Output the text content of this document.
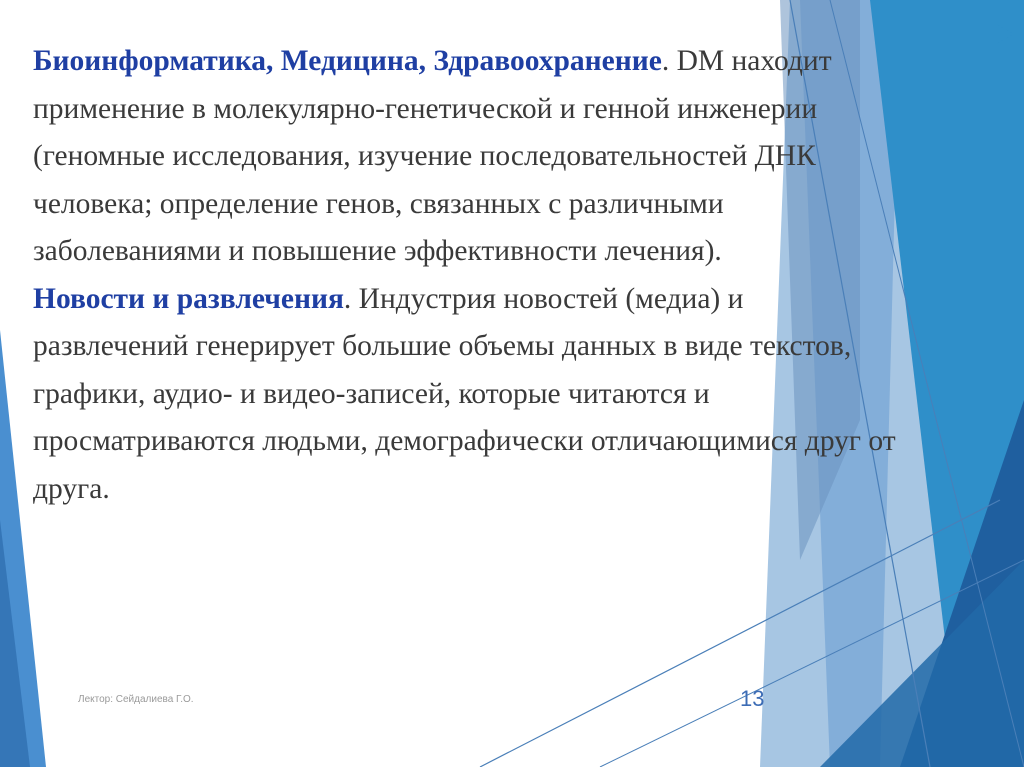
Биоинформатика, Медицина, Здравоохранение. DM находит применение в молекулярно-генетической и генной инженерии (геномные исследования, изучение последовательностей ДНК человека; определение генов, связанных с различными заболеваниями и повышение эффективности лечения).

Новости и развлечения. Индустрия новостей (медиа) и развлечений генерирует большие объемы данных в виде текстов, графики, аудио- и видео-записей, которые читаются и просматриваются людьми, демографически отличающимися друг от друга.

Лектор: Сейдалиева Г.О.	13
